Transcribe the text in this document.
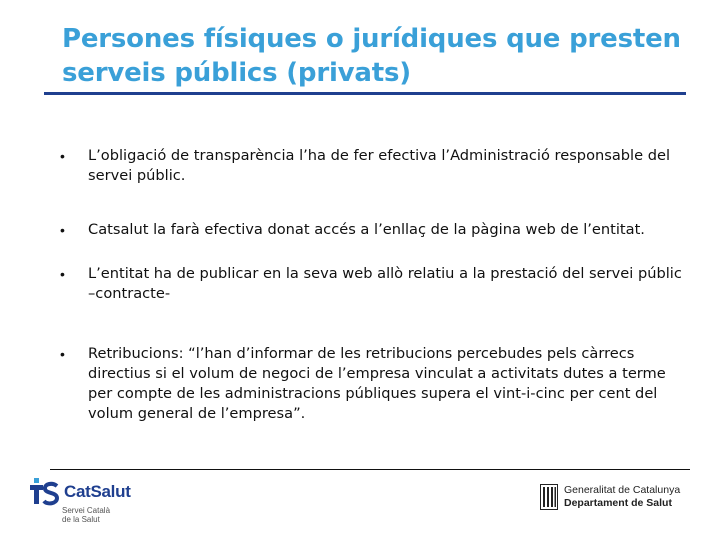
Persones físiques o jurídiques que presten serveis públics (privats)
•	L’obligació de transparència l’ha de fer efectiva l’Administració responsable del servei públic.
•	Catsalut la farà efectiva donat accés a l’enllaç de la pàgina web de l’entitat.
•	L’entitat ha de publicar en la seva web allò relatiu a la prestació del servei públic –contracte-
•	Retribucions: “l’han d’informar de les retribucions percebudes pels càrrecs directius si el volum de negoci de l’empresa vinculat a activitats dutes a terme per compte de les administracions públiques supera el vint-i-cinc per cent del volum general de l’empresa”.
CatSalut
Servei Català
de la Salut
Generalitat de Catalunya
Departament de Salut
